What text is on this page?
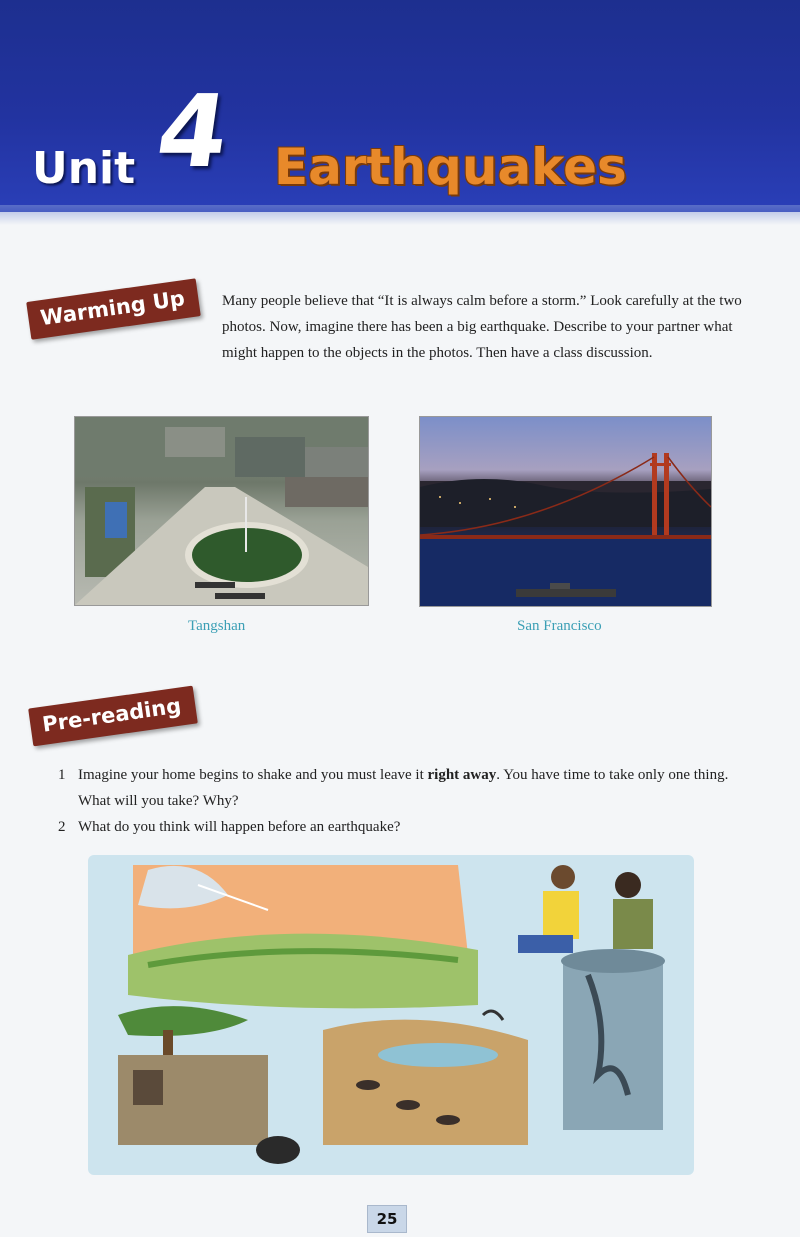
Unit 4 Earthquakes
Warming Up	Many people believe that “It is always calm before a storm.” Look carefully at the two photos. Now, imagine there has been a big earthquake. Describe to your partner what might happen to the objects in the photos. Then have a class discussion.

Tangshan	San Francisco
Pre-reading
1 Imagine your home begins to shake and you must leave it right away. You have time to take only one thing. What will you take? Why?
2 What do you think will happen before an earthquake?
25
